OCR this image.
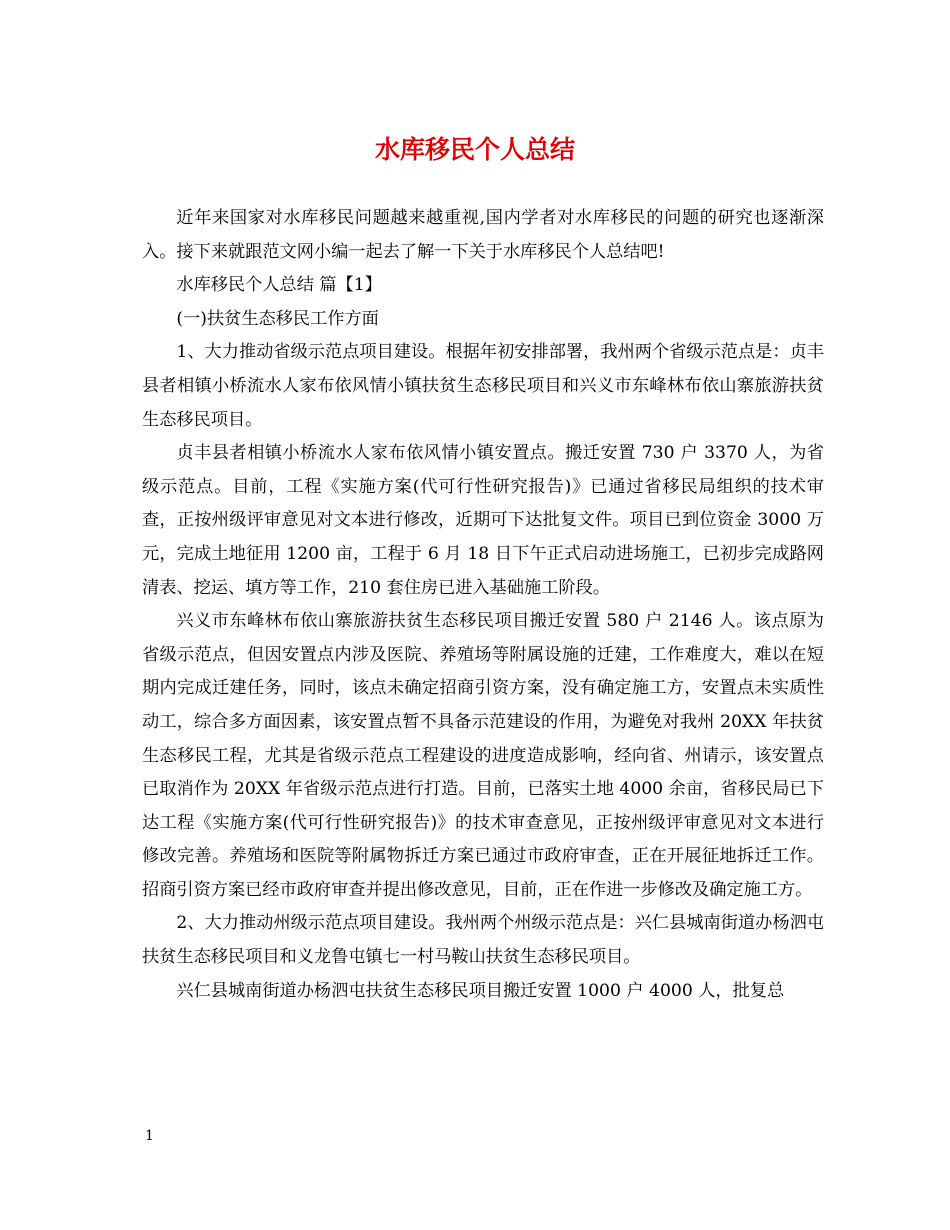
水库移民个人总结

近年来国家对水库移民问题越来越重视,国内学者对水库移民的问题的研究也逐渐深入。接下来就跟范文网小编一起去了解一下关于水库移民个人总结吧!

水库移民个人总结 篇【1】

(一)扶贫生态移民工作方面

1、大力推动省级示范点项目建设。根据年初安排部署，我州两个省级示范点是：贞丰县者相镇小桥流水人家布依风情小镇扶贫生态移民项目和兴义市东峰林布依山寨旅游扶贫生态移民项目。

贞丰县者相镇小桥流水人家布依风情小镇安置点。搬迁安置 730 户 3370 人，为省级示范点。目前，工程《实施方案(代可行性研究报告)》已通过省移民局组织的技术审查，正按州级评审意见对文本进行修改，近期可下达批复文件。项目已到位资金 3000 万元，完成土地征用 1200 亩，工程于 6 月 18 日下午正式启动进场施工，已初步完成路网清表、挖运、填方等工作，210 套住房已进入基础施工阶段。

兴义市东峰林布依山寨旅游扶贫生态移民项目搬迁安置 580 户 2146 人。该点原为省级示范点，但因安置点内涉及医院、养殖场等附属设施的迁建，工作难度大，难以在短期内完成迁建任务，同时，该点未确定招商引资方案，没有确定施工方，安置点未实质性动工，综合多方面因素，该安置点暂不具备示范建设的作用，为避免对我州 20XX 年扶贫生态移民工程，尤其是省级示范点工程建设的进度造成影响，经向省、州请示，该安置点已取消作为 20XX 年省级示范点进行打造。目前，已落实土地 4000 余亩，省移民局已下达工程《实施方案(代可行性研究报告)》的技术审查意见，正按州级评审意见对文本进行修改完善。养殖场和医院等附属物拆迁方案已通过市政府审查，正在开展征地拆迁工作。招商引资方案已经市政府审查并提出修改意见，目前，正在作进一步修改及确定施工方。

2、大力推动州级示范点项目建设。我州两个州级示范点是：兴仁县城南街道办杨泗屯扶贫生态移民项目和义龙鲁屯镇七一村马鞍山扶贫生态移民项目。

兴仁县城南街道办杨泗屯扶贫生态移民项目搬迁安置 1000 户 4000 人，批复总

1
